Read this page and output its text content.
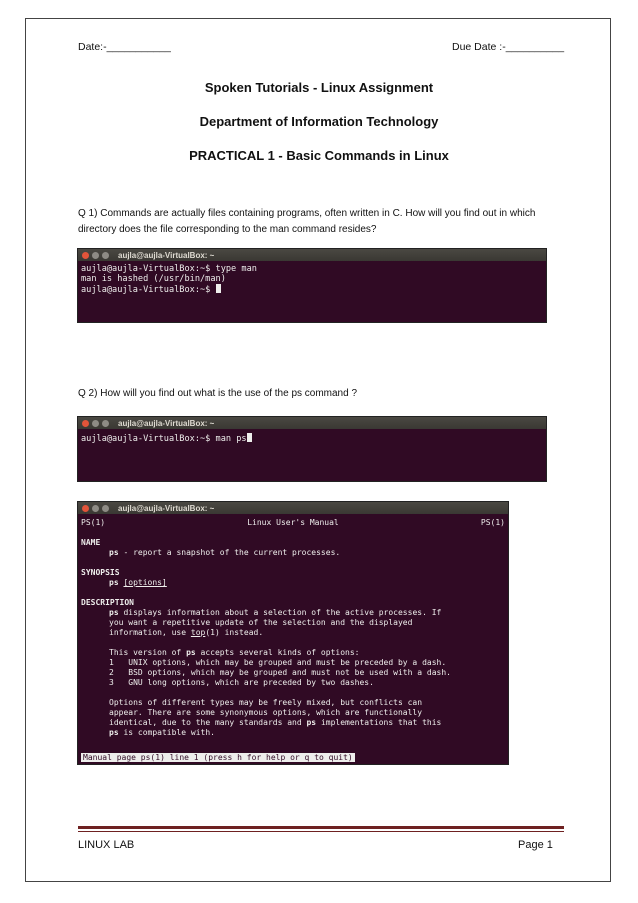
Date:-___________	Due Date :-__________
Spoken Tutorials - Linux Assignment
Department of Information Technology
PRACTICAL 1 - Basic Commands in Linux
Q 1) Commands are actually files containing programs, often written in C. How will you find out in which directory does the file corresponding to the man command resides?
aujla@aujla-VirtualBox: ~
aujla@aujla-VirtualBox:~$ type man
man is hashed (/usr/bin/man)
aujla@aujla-VirtualBox:~$
Q 2) How will you find out what is the use of the ps command ?
aujla@aujla-VirtualBox: ~
aujla@aujla-VirtualBox:~$ man ps
aujla@aujla-VirtualBox: ~
PS(1)	Linux User's Manual	PS(1)
NAME
ps - report a snapshot of the current processes.
SYNOPSIS
ps [options]
DESCRIPTION
ps displays information about a selection of the active processes. If
you want a repetitive update of the selection and the displayed
information, use top(1) instead.
This version of ps accepts several kinds of options:
1   UNIX options, which may be grouped and must be preceded by a dash.
2   BSD options, which may be grouped and must not be used with a dash.
3   GNU long options, which are preceded by two dashes.
Options of different types may be freely mixed, but conflicts can
appear. There are some synonymous options, which are functionally
identical, due to the many standards and ps implementations that this
ps is compatible with.
Manual page ps(1) line 1 (press h for help or q to quit)
LINUX LAB	Page 1
